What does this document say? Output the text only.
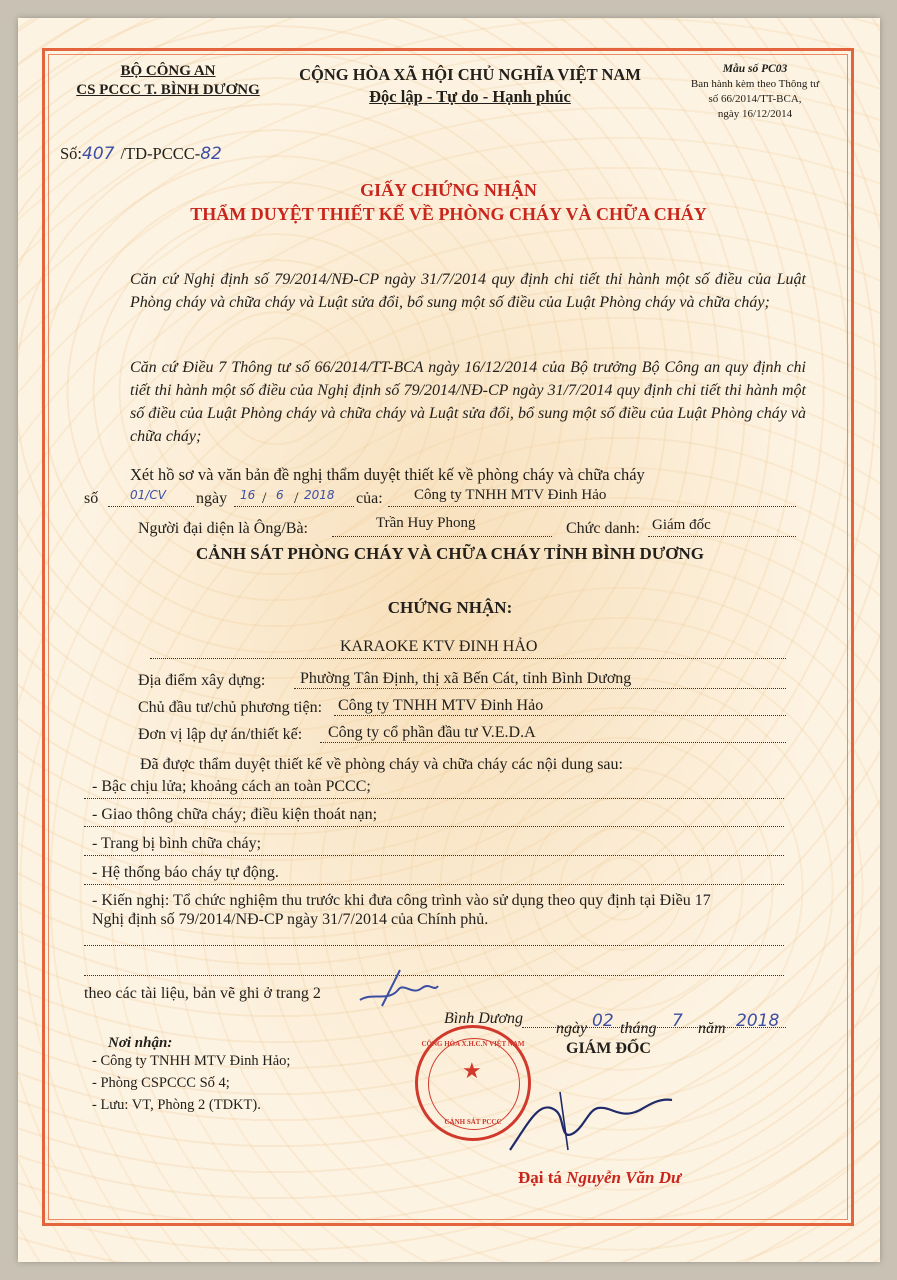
BỘ CÔNG AN
CS PCCC T. BÌNH DƯƠNG
Số:407 /TD-PCCC-82
CỘNG HÒA XÃ HỘI CHỦ NGHĨA VIỆT NAM
Độc lập - Tự do - Hạnh phúc
Mẫu số PC03
Ban hành kèm theo Thông tư
số 66/2014/TT-BCA,
ngày 16/12/2014
GIẤY CHỨNG NHẬN
THẨM DUYỆT THIẾT KẾ VỀ PHÒNG CHÁY VÀ CHỮA CHÁY
Căn cứ Nghị định số 79/2014/NĐ-CP ngày 31/7/2014 quy định chi tiết thi hành một số điều của Luật Phòng cháy và chữa cháy và Luật sửa đổi, bổ sung một số điều của Luật Phòng cháy và chữa cháy;
Căn cứ Điều 7 Thông tư số 66/2014/TT-BCA ngày 16/12/2014 của Bộ trưởng Bộ Công an quy định chi tiết thi hành một số điều của Nghị định số 79/2014/NĐ-CP ngày 31/7/2014 quy định chi tiết thi hành một số điều của Luật Phòng cháy và chữa cháy và Luật sửa đổi, bổ sung một số điều của Luật Phòng cháy và chữa cháy;
Xét hồ sơ và văn bản đề nghị thẩm duyệt thiết kế về phòng cháy và chữa cháy
số	01/CV ngày 16 / 6 / 2018 của: Công ty TNHH MTV Đinh Hảo
Người đại diện là Ông/Bà:	Trần Huy Phong	Chức danh: Giám đốc
CẢNH SÁT PHÒNG CHÁY VÀ CHỮA CHÁY TỈNH BÌNH DƯƠNG
CHỨNG NHẬN:
KARAOKE KTV ĐINH HẢO
Địa điểm xây dựng: Phường Tân Định, thị xã Bến Cát, tỉnh Bình Dương
Chủ đầu tư/chủ phương tiện: Công ty TNHH MTV Đinh Hảo
Đơn vị lập dự án/thiết kế: Công ty cổ phần đầu tư V.E.D.A
Đã được thẩm duyệt thiết kế về phòng cháy và chữa cháy các nội dung sau:
- Bậc chịu lửa; khoảng cách an toàn PCCC;
- Giao thông chữa cháy; điều kiện thoát nạn;
- Trang bị bình chữa cháy;
- Hệ thống báo cháy tự động.
- Kiến nghị: Tổ chức nghiệm thu trước khi đưa công trình vào sử dụng theo quy định tại Điều 17
Nghị định số 79/2014/NĐ-CP ngày 31/7/2014 của Chính phủ.
theo các tài liệu, bản vẽ ghi ở trang 2
Bình Dương
ngày 02 tháng 7 năm 2018
GIÁM ĐỐC
Nơi nhận:
- Công ty TNHH MTV Đinh Hảo;
- Phòng CSPCCC Số 4;
- Lưu: VT, Phòng 2 (TDKT).
★
CỘNG HÒA X.H.C.N VIỆT NAM
CẢNH SÁT PCCC
Đại tá Nguyễn Văn Dư
